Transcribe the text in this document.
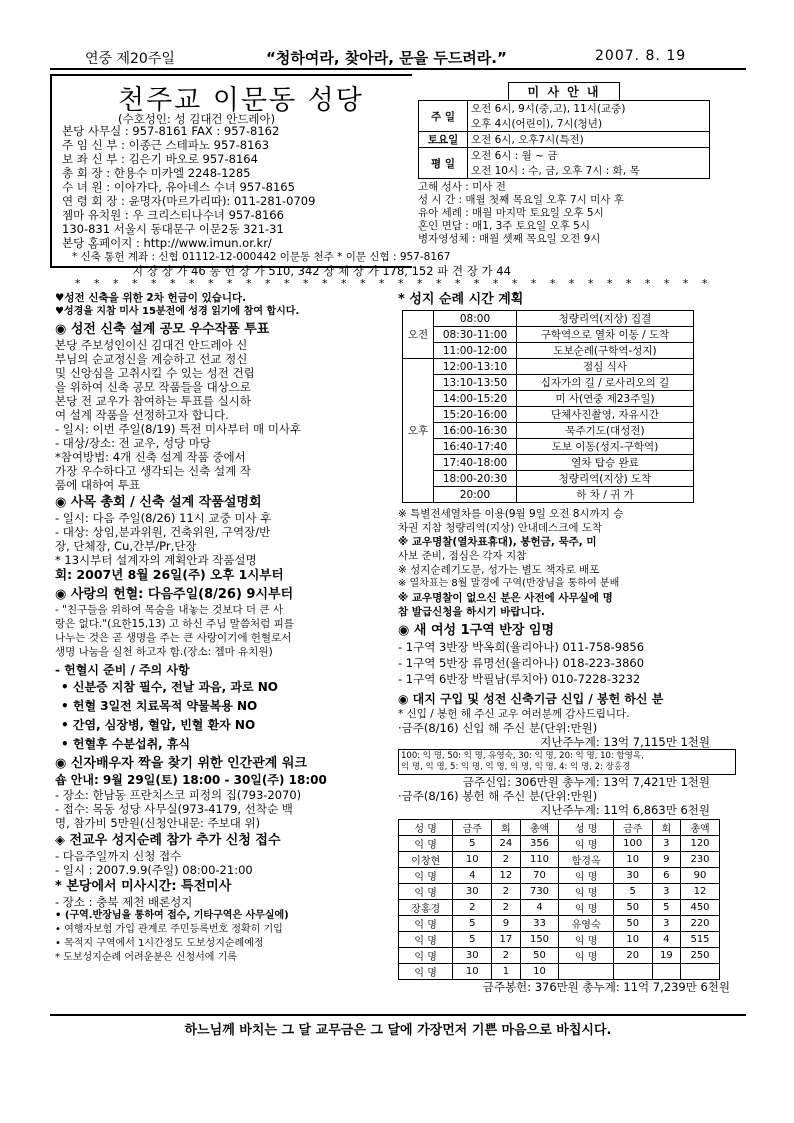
연중 제20주일	“청하여라, 찾아라, 문을 두드려라.”	2007. 8. 19
천주교 이문동 성당
(수호성인: 성 김대건 안드레아)
본당 사무실 : 957-8161 FAX : 957-8162
주 임 신 부 : 이종근 스테파노 957-8163
보 좌 신 부 : 김은기 바오로 957-8164
총 회 장 : 한용수 미카엘 2248-1285
수 녀 원 : 이아가다, 유아네스 수녀 957-8165
연 령 회 장 : 윤명자(마르가리따): 011-281-0709
젬마 유치원 : 우 크리스티나수녀 957-8166
130-831 서울시 동대문구 이문2동 321-31
본당 홈페이지 : http://www.imun.or.kr/
* 신축 통헌 계좌 : 신협 01112-12-000442 이문동 천주 * 이문 신협 : 957-8167
지 장 장 가 46 통 헌 장 가 510, 342 장 체 장 가 178, 152 파 견 장 가 44
* * * * * * * * * * * * * * * * * * * * * * * * * * * * * * * * * *
미 사 안 내
주 일	오전 6시, 9시(중,고), 11시(교중)
오후 4시(어린이), 7시(청년)

토요일	오전 6시, 오후7시(특전)
평 일	오전 6시 : 월 ~ 금
오전 10시 : 수, 금, 오후 7시 : 화, 목
고해 성사 : 미사 전
성 시 간 : 매월 첫째 목요일 오후 7시 미사 후
유아 세례 : 매월 마지막 토요일 오후 5시
혼인 면담 : 매1, 3주 토요일 오후 5시
병자영성체 : 매월 셋째 목요일 오전 9시
♥성전 신축을 위한 2차 헌금이 있습니다.
♥성경을 지참 미사 15분전에 성경 읽기에 참여 합시다.
◉ 성전 신축 설계 공모 우수작품 투표
본당 주보성인이신 김대건 안드레아 신
부님의 순교정신을 계승하고 선교 정신
및 신앙심을 고취시킬 수 있는 성전 건립
을 위하여 신축 공모 작품들을 대상으로
본당 전 교우가 참여하는 투표를 실시하
여 설계 작품을 선정하고자 합니다.
- 일시: 이번 주일(8/19) 특전 미사부터 매 미사후
- 대상/장소: 전 교우, 성당 마당
*참여방법: 4개 신축 설계 작품 중에서
가장 우수하다고 생각되는 신축 설계 작
품에 대하여 투표
◉ 사목 총회 / 신축 설계 작품설명회
- 일시: 다음 주일(8/26) 11시 교중 미사 후
- 대상: 상임,분과위원, 건축위원, 구역장/반
장, 단체장, Cu,간부/Pr,단장
* 13시부터 설계자의 계획안과 작품설명
회: 2007년 8월 26일(주) 오후 1시부터
◉ 사랑의 헌혈: 다음주일(8/26) 9시부터
- "친구들을 위하여 목숨을 내놓는 것보다 더 큰 사
랑은 없다."(요한15,13) 고 하신 주님 말씀처럼 피를
나누는 것은 곧 생명을 주는 큰 사랑이기에 헌혈로서
생명 나눔을 실천 하고자 함.(장소: 젬마 유치원)
- 헌혈시 준비 / 주의 사항
• 신분증 지참 필수, 전날 과음, 과로 NO
• 헌혈 3일전 치료목적 약물복용 NO
• 간염, 심장병, 혈압, 빈혈 환자 NO
• 헌혈후 수분섭취, 휴식
◉ 신자배우자 짝을 찾기 위한 인간관계 워크
숍 안내: 9월 29일(토) 18:00 - 30일(주) 18:00
- 장소: 한남동 프란치스코 피정의 집(793-2070)
- 접수: 목동 성당 사무실(973-4179, 선착순 백
명, 참가비 5만원(신청안내문: 주보대 위)
◈ 전교우 성지순례 참가 추가 신청 접수
- 다음주일까지 신청 접수
- 일시 : 2007.9.9(주일) 08:00-21:00
* 본당에서 미사시간: 특전미사
- 장소 : 충북 제천 배론성지
• (구역.반장님을 통하여 접수, 기타구역은 사무실에)
• 여행자보험 가입 관계로 주민등록번호 정확히 기입
• 목적지 구역에서 1시간정도 도보성지순례예정
* 도보성지순례 어려운분은 신청서에 기록
* 성지 순례 시간 계획
오전	08:00	청량리역(지상) 집결
	08:30-11:00	구학역으로 열차 이동 / 도착
	11:00-12:00	도보순례(구학역-성지)
오후	12:00-13:10	점심 식사
	13:10-13:50	십자가의 길 / 로사리오의 길
	14:00-15:20	미 사(연중 제23주일)
	15:20-16:00	단체사진촬영, 자유시간
	16:00-16:30	묵주기도(대성전)
	16:40-17:40	도보 이동(성지-구학역)
	17:40-18:00	열차 탑승 완료
	18:00-20:30	청량리역(지상) 도착
	20:00	하 차 / 귀 가
※ 특별전세열차를 이용(9월 9일 오전 8시까지 승
차권 지참 청량리역(지상) 안내데스크에 도착
※ 교우명찰(열차표휴대), 봉헌금, 묵주, 미
사보 준비, 점심은 각자 지참
※ 성지순례기도문, 성가는 별도 책자로 배포
※ 열차표는 8월 말경에 구역(반장님을 통하여 분배
※ 교우명찰이 없으신 분은 사전에 사무실에 명
참 발급신청을 하시기 바랍니다.
◉ 새 여성 1구역 반장 임명
- 1구역 3반장 박옥희(율리아나) 011-758-9856
- 1구역 5반장 류명선(율리아나) 018-223-3860
- 1구역 6반장 박필남(루치아) 010-7228-3232
◉ 대지 구입 및 성전 신축기금 신입 / 봉헌 하신 분
* 신입 / 봉헌 해 주신 교우 여러분께 감사드립니다.
·금주(8/16) 신입 해 주신 분(단위:만원)
지난주누계: 13억 7,115만 1천원
100: 익 명, 50: 익 명, 유영숙, 30: 익 명, 20: 익 명, 10: 함영옥,
익 명, 익 명, 5: 익 명, 익 명, 익 명, 익 명, 4: 익 명, 2: 장홍경
금주신입: 306만원 총누계: 13억 7,421만 1천원
·금주(8/16) 봉헌 해 주신 분(단위:만원)
지난주누계: 11억 6,863만 6천원
성 명	금주	회	총액	성 명	금주	회	총액
익 명	5	24	356	익 명	100	3	120
이창현	10	2	110	함경옥	10	9	230
익 명	4	12	70	익 명	30	6	90
익 명	30	2	730	익 명	5	3	12
장홍경	2	2	4	익 명	50	5	450
익 명	5	9	33	유영숙	50	3	220
익 명	5	17	150	익 명	10	4	515
익 명	30	2	50	익 명	20	19	250
익 명	10	1	10				
금주봉헌: 376만원 총누계: 11억 7,239만 6천원
하느님께 바치는 그 달 교무금은 그 달에 가장먼저 기쁜 마음으로 바칩시다.
